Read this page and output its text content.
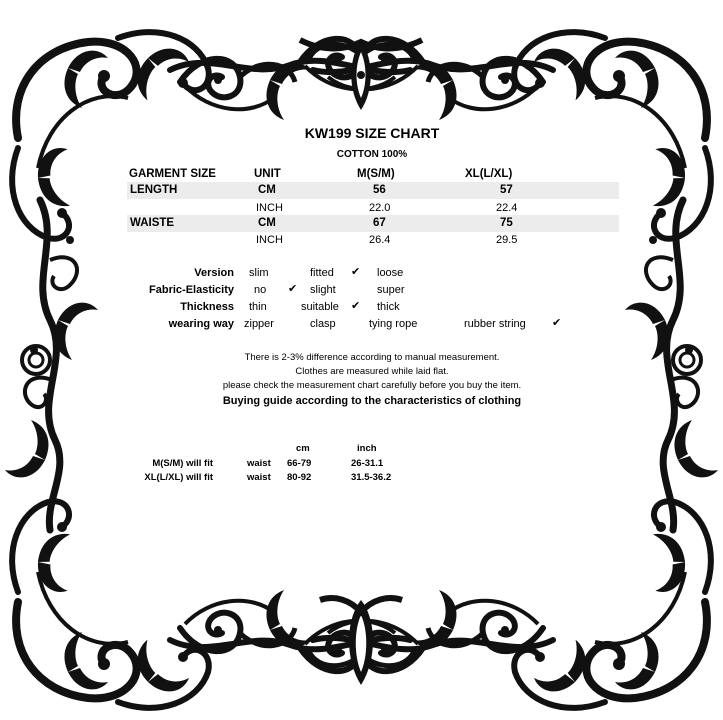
KW199 SIZE CHART
COTTON 100%
GARMENT SIZE	UNIT	M(S/M)	XL(L/XL)
LENGTH	CM	56	57
INCH	22.0	22.4
WAISTE	CM	67	75
INCH	26.4	29.5
Version slim	fitted ✔ loose
Fabric-Elasticity no ✔ slight	super
Thickness thin	suitable ✔ thick
wearing way zipper	clasp	tying rope	rubber string ✔
There is 2-3% difference according to manual measurement.
Clothes are measured while laid flat.
please check the measurement chart carefully before you buy the item.
Buying guide according to the characteristics of clothing
cm	inch
M(S/M) will fit	waist 66-79	26-31.1
XL(L/XL) will fit	waist 80-92	31.5-36.2
